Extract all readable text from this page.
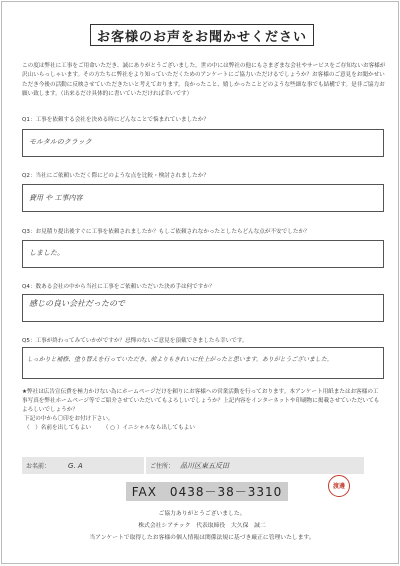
お客様のお声をお聞かせください
この度は弊社に工事をご用命いただき、誠にありがとうございました。世の中には弊社の他にもさまざまな会社やサービスをご存知ないお客様が沢山いらっしゃいます。その方たちに弊社をより知っていただくためのアンケートにご協力いただけるでしょうか？お客様のご意見をお聞かせいただき今後の活動に反映させていただきたいと考えております。良かったこと、嬉しかったことどのような些細な事でも結構です。是非ご協力お願い致します。（出来るだけ具体的に書いていただければ幸いです）
Q1：工事を依頼する会社を決める時にどんなことで悩まれていましたか？
モルタルのクラック
Q2：当社にご依頼いただく際にどのような点を比較・検討されましたか？
費用 や 工事内容
Q3：お見積り提出後すぐに工事を依頼されましたか？もしご依頼されなかったとしたらどんな点が不安でしたか？
しました。
Q4：数ある会社の中から当社に工事をご依頼いただいた決め手は何ですか？
感じの良い会社だったので
Q5：工事が終わってみていかがですか？忌憚のないご意見を頂戴できましたら幸いです。
しっかりと補修、塗り替えを行っていただき、前よりもきれいに仕上がったと思います。ありがとうございました。
★弊社は広告宣伝費を極力かけない為にホームページだけを頼りにお客様への営業活動を行っております。本アンケート用紙またはお客様の工事写真を弊社ホームページ等でご紹介させていただいてもよろしいでしょうか？上記内容をインターネットや印刷物に掲載させていただいてもよろしいでしょうか？
下記の中から〇印をお付け下さい。
（　）名前を出してもよい （ ○ ）イニシャルなら出してもよい
お名前：	G. A	ご住所： 品川区東五反田
渡邊
FAX　0438－38－3310
ご協力ありがとうございました。
株式会社シアテック　代表取締役　大久保　誠二
当アンケートで取得したお客様の個人情報は関係法規に基づき厳正に管理いたします。
